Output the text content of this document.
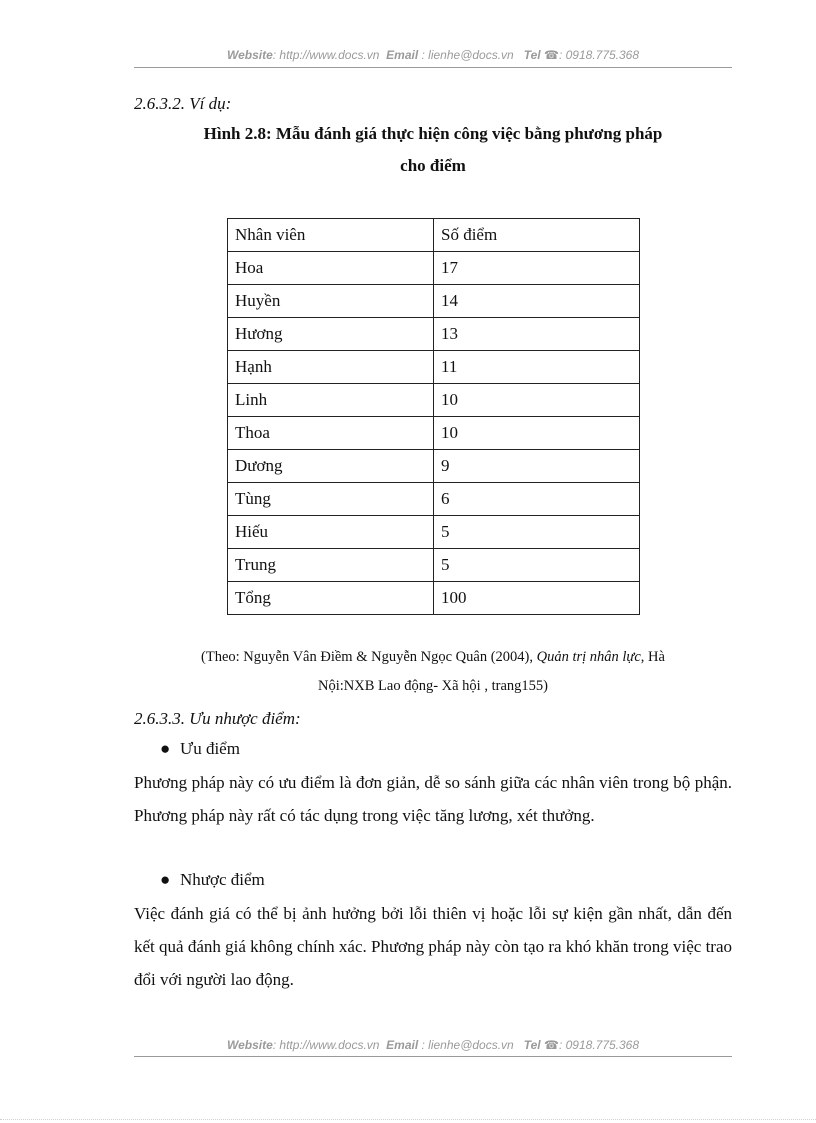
Website: http://www.docs.vn Email : lienhe@docs.vn Tel ☎: 0918.775.368
2.6.3.2. Ví dụ:
Hình 2.8: Mẫu đánh giá thực hiện công việc bằng phương pháp
cho điểm
Nhân viên	Số điểm
Hoa	17
Huyền	14
Hương	13
Hạnh	11
Linh	10
Thoa	10
Dương	9
Tùng	6
Hiếu	5
Trung	5
Tổng	100
(Theo: Nguyễn Vân Điềm & Nguyễn Ngọc Quân (2004), Quản trị nhân lực, Hà
Nội:NXB Lao động- Xã hội , trang155)
2.6.3.3. Ưu nhược điểm:
● Ưu điểm
Phương pháp này có ưu điểm là đơn giản, dễ so sánh giữa các nhân viên trong bộ phận. Phương pháp này rất có tác dụng trong việc tăng lương, xét thưởng.
● Nhược điểm
Việc đánh giá có thể bị ảnh hưởng bởi lỗi thiên vị hoặc lỗi sự kiện gần nhất, dẫn đến kết quả đánh giá không chính xác. Phương pháp này còn tạo ra khó khăn trong việc trao đổi với người lao động.
Website: http://www.docs.vn Email : lienhe@docs.vn Tel ☎: 0918.775.368
